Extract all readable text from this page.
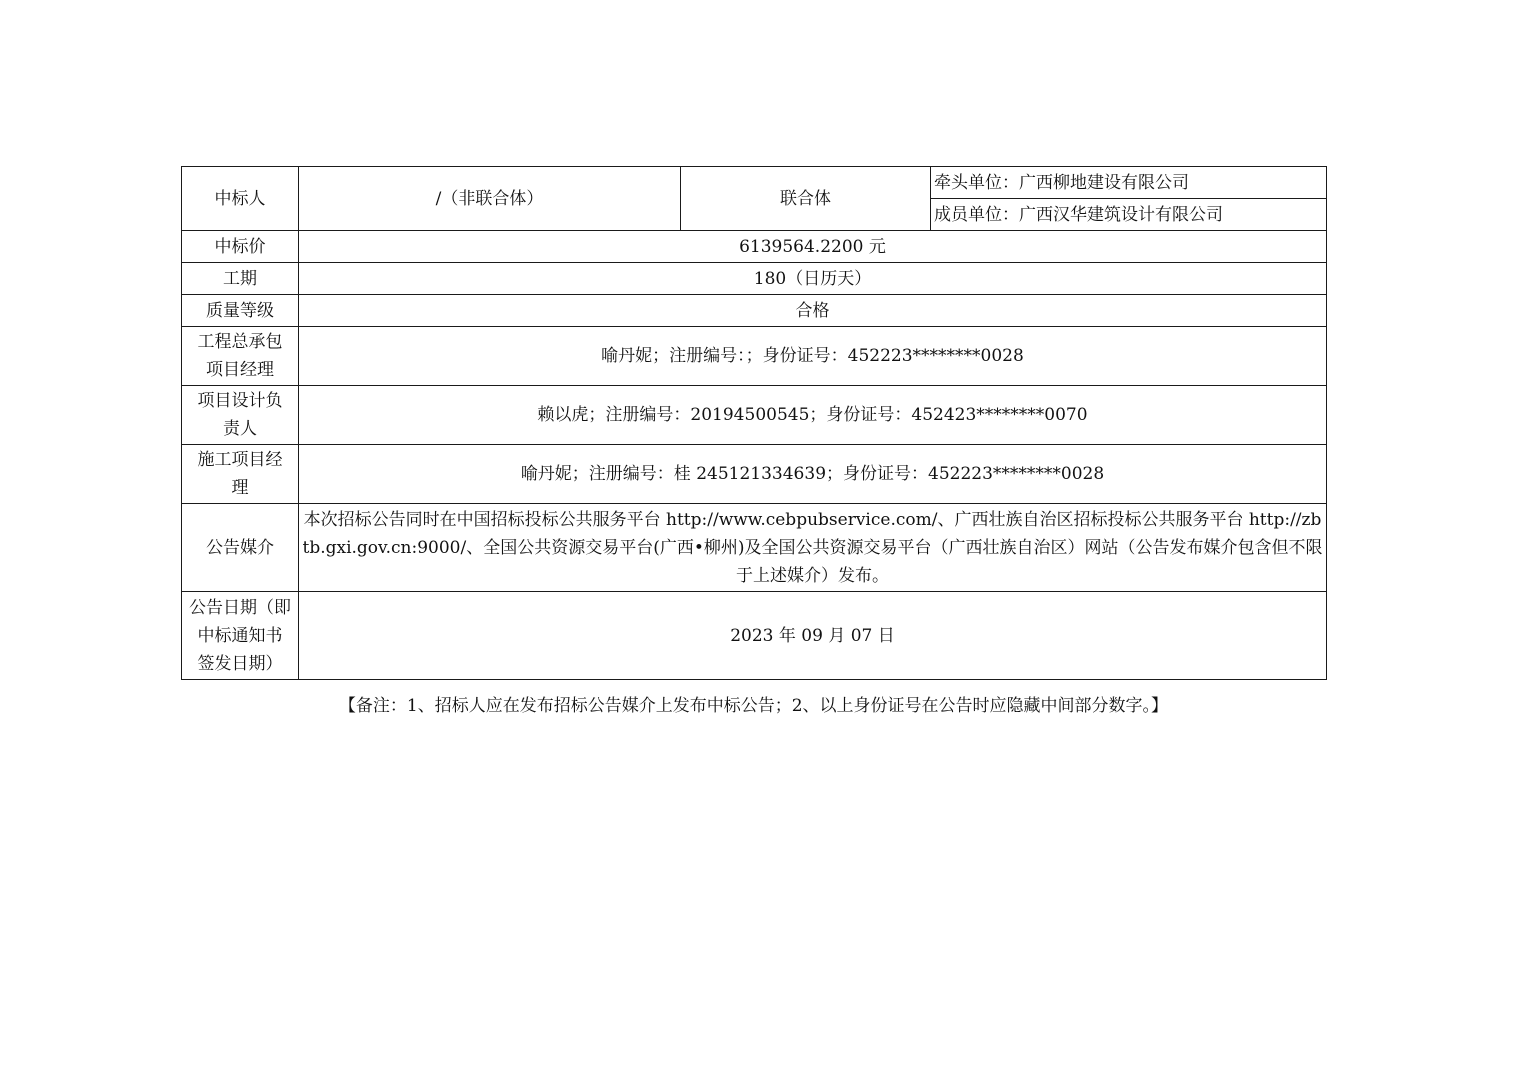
中标人	/（非联合体）	联合体	牵头单位：广西柳地建设有限公司
			成员单位：广西汉华建筑设计有限公司
中标价	6139564.2200 元		
工期	180（日历天）		
质量等级	合格		

工程总承包
项目经理	喻丹妮；注册编号：；身份证号：452223********0028		

项目设计负
责人	赖以虎；注册编号：20194500545；身份证号：452423********0070		

施工项目经
理	喻丹妮；注册编号：桂 245121334639；身份证号：452223********0028		
公告媒介	本次招标公告同时在中国招标投标公共服务平台 http://www.cebpubservice.com/、广西壮族自治区招标投标公共服务平台 http://zbtb.gxi.gov.cn:9000/、全国公共资源交易平台(广西•柳州)及全国公共资源交易平台（广西壮族自治区）网站（公告发布媒介包含但不限于上述媒介）发布。		

公告日期（即
中标通知书
签发日期）	2023 年 09 月 07 日		
【备注：1、招标人应在发布招标公告媒介上发布中标公告；2、以上身份证号在公告时应隐藏中间部分数字。】
